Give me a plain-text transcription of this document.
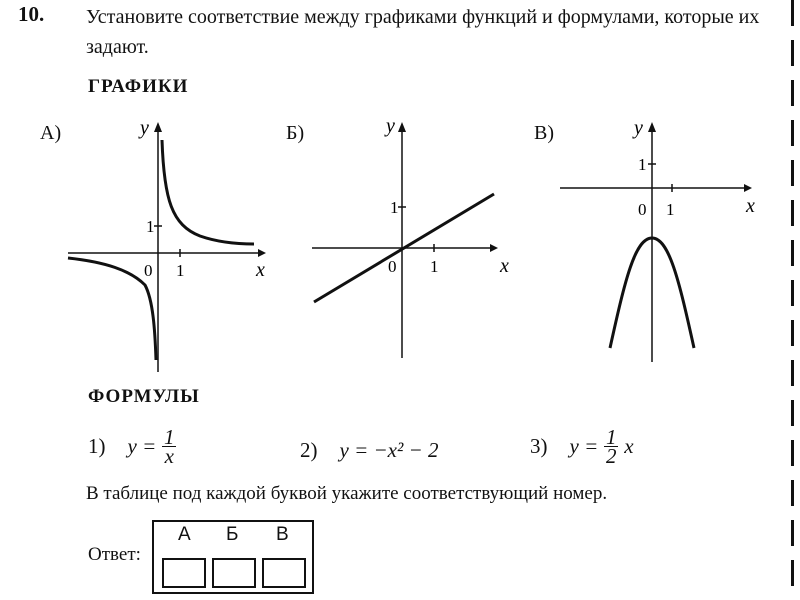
10. Установите соответствие между графиками функций и формулами, которые их задают.
ГРАФИКИ
А)
0 1
1
x
y	Б)
0 1
1
x
y	В)
0 1
1
x
y
ФОРМУЛЫ
1) $y = \frac{1}{x}$	2) y = −x² − 2	3) $y = \frac{1}{2}$ x
В таблице под каждой буквой укажите соответствующий номер.
Ответ:
А Б В
